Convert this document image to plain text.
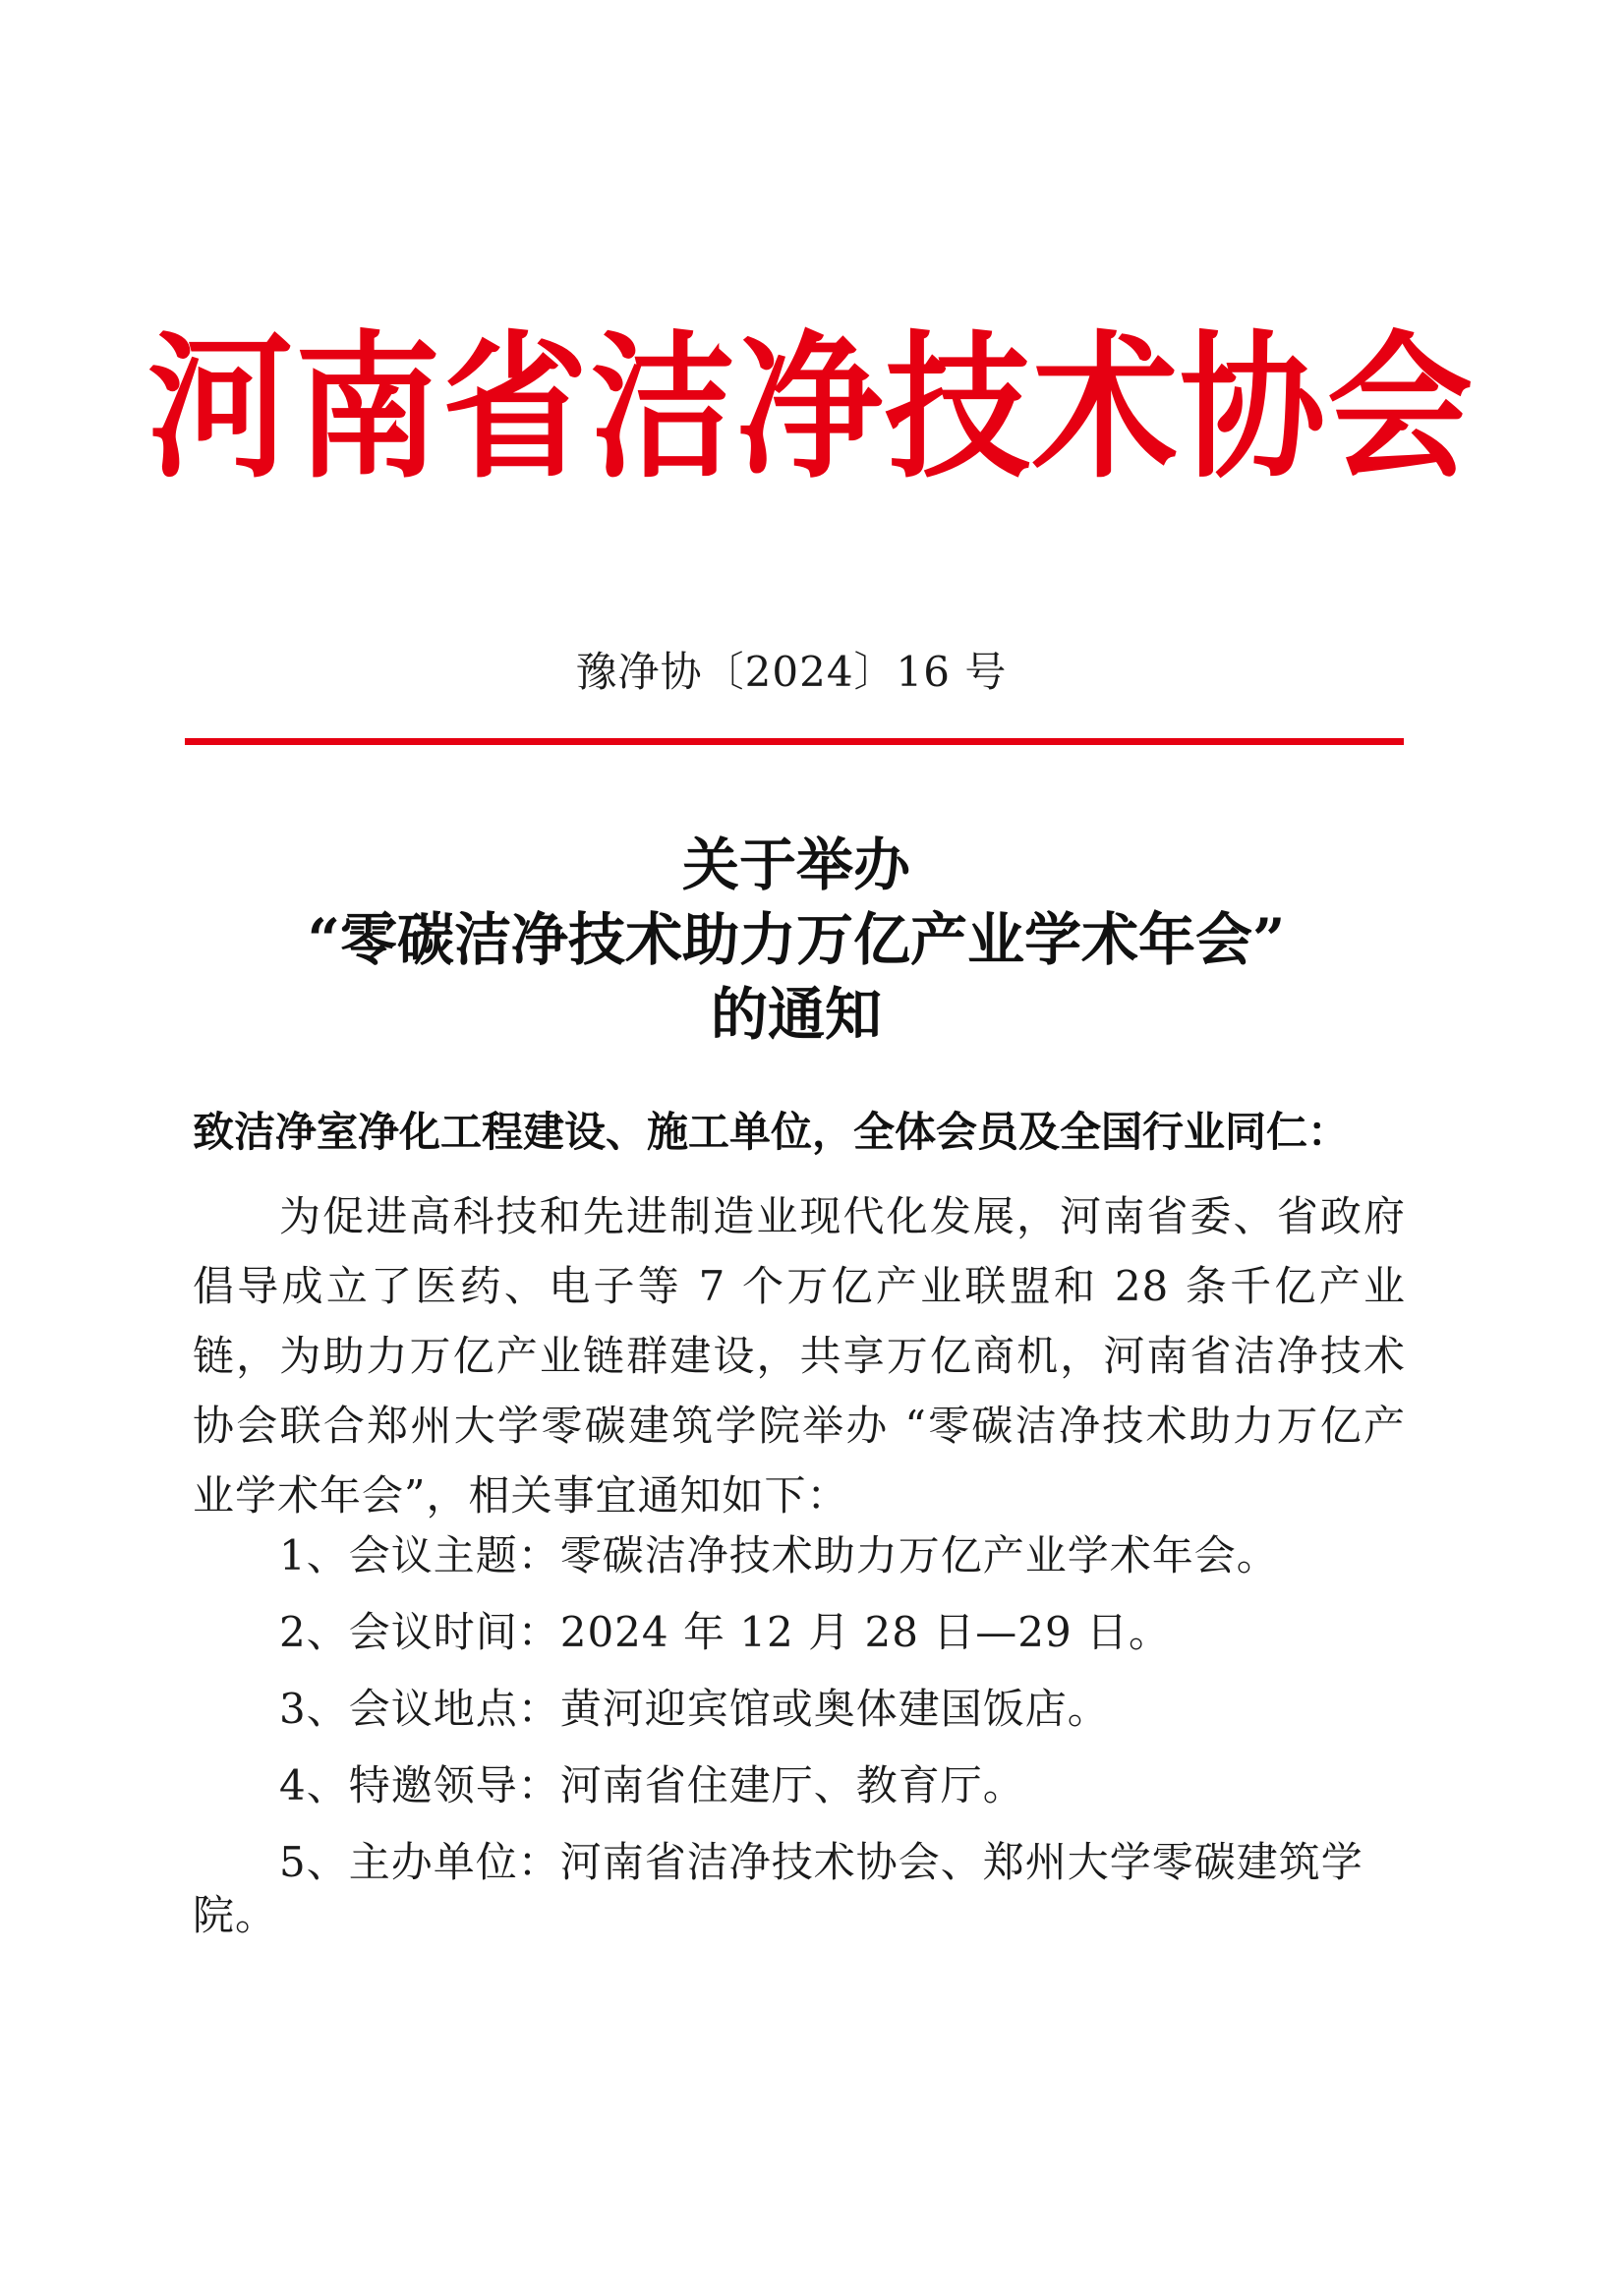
河南省洁净技术协会
豫净协〔2024〕16 号
关于举办
“零碳洁净技术助力万亿产业学术年会”
的通知
致洁净室净化工程建设、施工单位，全体会员及全国行业同仁：

为促进高科技和先进制造业现代化发展，河南省委、省政府倡导成立了医药、电子等 7 个万亿产业联盟和 28 条千亿产业链，为助力万亿产业链群建设，共享万亿商机，河南省洁净技术协会联合郑州大学零碳建筑学院举办 “零碳洁净技术助力万亿产业学术年会”，相关事宜通知如下：

1、会议主题：零碳洁净技术助力万亿产业学术年会。
2、会议时间：2024 年 12 月 28 日—29 日。
3、会议地点：黄河迎宾馆或奥体建国饭店。
4、特邀领导：河南省住建厅、教育厅。
5、主办单位：河南省洁净技术协会、郑州大学零碳建筑学院。
